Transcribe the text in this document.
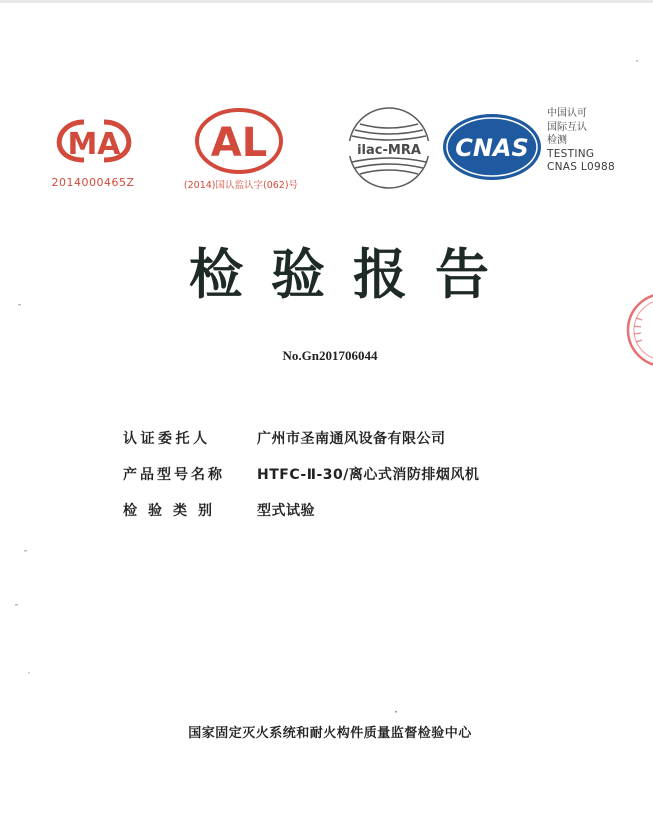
MA
2014000465Z
AL
(2014)国认监认字(062)号
ilac-MRA CNAS
中国认可
国际互认
检测
TESTING
CNAS L0988
检验报告
No.Gn201706044
认证委托人	广州市圣南通风设备有限公司
产品型号名称	HTFC-Ⅱ-30/离心式消防排烟风机
检验类别	型式试验
国家固定灭火系统和耐火构件质量监督检验中心
